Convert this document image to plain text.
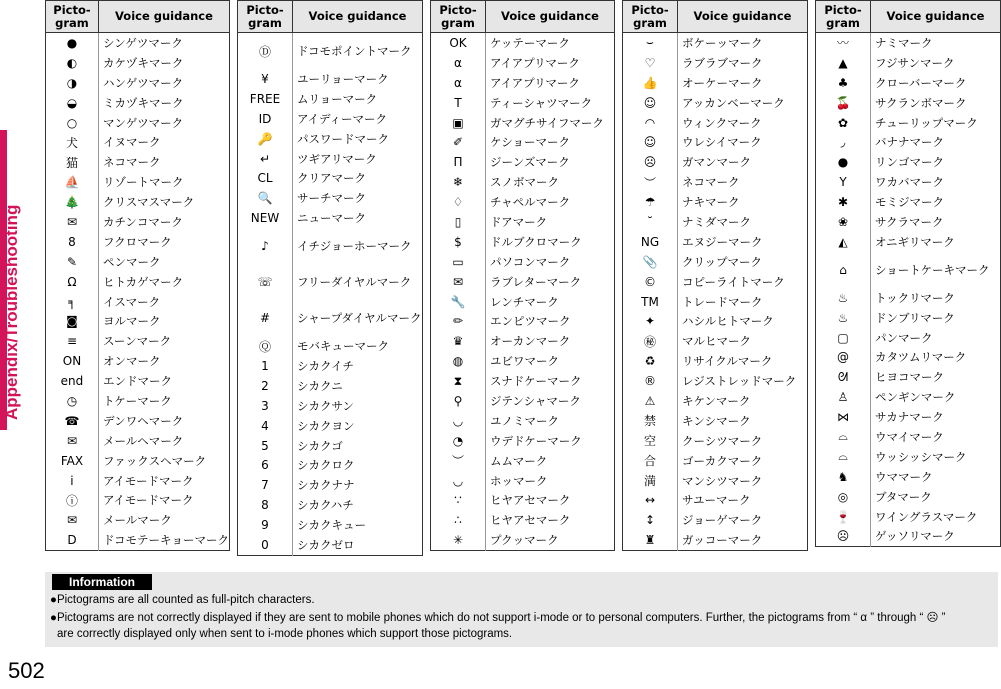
Appendix/Troubleshooting
Picto-gram	Voice guidance
●	シンゲツマーク
◐	カケヅキマーク
◑	ハンゲツマーク
◒	ミカヅキマーク
○	マンゲツマーク
犬	イヌマーク
猫	ネコマーク
⛵	リゾートマーク
🎄	クリスマスマーク
✉	カチンコマーク
8	フクロマーク
✎	ペンマーク
Ω	ヒトカゲマーク
╕	イスマーク
◙	ヨルマーク
≡	スーンマーク
ON	オンマーク
end	エンドマーク
◷	トケーマーク
☎	デンワヘマーク
✉	メールヘマーク
FAX	ファックスヘマーク
i	アイモードマーク
ⓘ	アイモードマーク
✉	メールマーク
D	ドコモテーキョーマーク
Picto-gram	Voice guidance
Ⓓ	ドコモポイントマーク
¥	ユーリョーマーク
FREE	ムリョーマーク
ID	アイディーマーク
🔑	パスワードマーク
↵	ツギアリマーク
CL	クリアマーク
🔍	サーチマーク
NEW	ニューマーク
♪	イチジョーホーマーク
☏	フリーダイヤルマーク
#	シャープダイヤルマーク
Ⓠ	モバキューマーク
1	シカクイチ
2	シカクニ
3	シカクサン
4	シカクヨン
5	シカクゴ
6	シカクロク
7	シカクナナ
8	シカクハチ
9	シカクキュー
0	シカクゼロ
Picto-gram	Voice guidance
OK	ケッテーマーク
α	アイアプリマーク
α	アイアプリマーク
T	ティーシャツマーク
▣	ガマグチサイフマーク
✐	ケショーマーク
Π	ジーンズマーク
❄	スノボマーク
♢	チャペルマーク
▯	ドアマーク
$	ドルブクロマーク
▭	パソコンマーク
✉	ラブレターマーク
🔧	レンチマーク
✏	エンピツマーク
♛	オーカンマーク
◍	ユビワマーク
⧗	スナドケーマーク
⚲	ジテンシャマーク
◡	ユノミマーク
◔	ウデドケーマーク
︶	ムムマーク
◡	ホッマーク
∵	ヒヤアセマーク
∴	ヒヤアセマーク
✳	プクッマーク
Picto-gram	Voice guidance
⌣	ボケーッマーク
♡	ラブラブマーク
👍	オーケーマーク
☺	アッカンベーマーク
◠	ウィンクマーク
☺	ウレシイマーク
☹	ガマンマーク
︶	ネコマーク
☂	ナキマーク
˘	ナミダマーク
NG	エヌジーマーク
📎	クリップマーク
©	コピーライトマーク
TM	トレードマーク
✦	ハシルヒトマーク
㊙	マルヒマーク
♻	リサイクルマーク
®	レジストレッドマーク
⚠	キケンマーク
禁	キンシマーク
空	クーシツマーク
合	ゴーカクマーク
満	マンシツマーク
↔	サユーマーク
↕	ジョーゲマーク
♜	ガッコーマーク
Picto-gram	Voice guidance
〰	ナミマーク
▲	フジサンマーク
♣	クローバーマーク
🍒	サクランボマーク
✿	チューリップマーク
◞	バナナマーク
●	リンゴマーク
Y	ワカバマーク
✱	モミジマーク
❀	サクラマーク
◭	オニギリマーク
⌂	ショートケーキマーク
♨	トックリマーク
♨	ドンブリマーク
▢	パンマーク
@	カタツムリマーク
ᘛ	ヒヨコマーク
♙	ペンギンマーク
⋈	サカナマーク
⌓	ウマイマーク
⌓	ウッシッシマーク
♞	ウママーク
◎	ブタマーク
🍷	ワイングラスマーク
☹	ゲッソリマーク
Information
●Pictograms are all counted as full-pitch characters.
●Pictograms are not correctly displayed if they are sent to mobile phones which do not support i-mode or to personal computers. Further, the pictograms from “ α ” through “ ☹ ”
are correctly displayed only when sent to i-mode phones which support those pictograms.
502
